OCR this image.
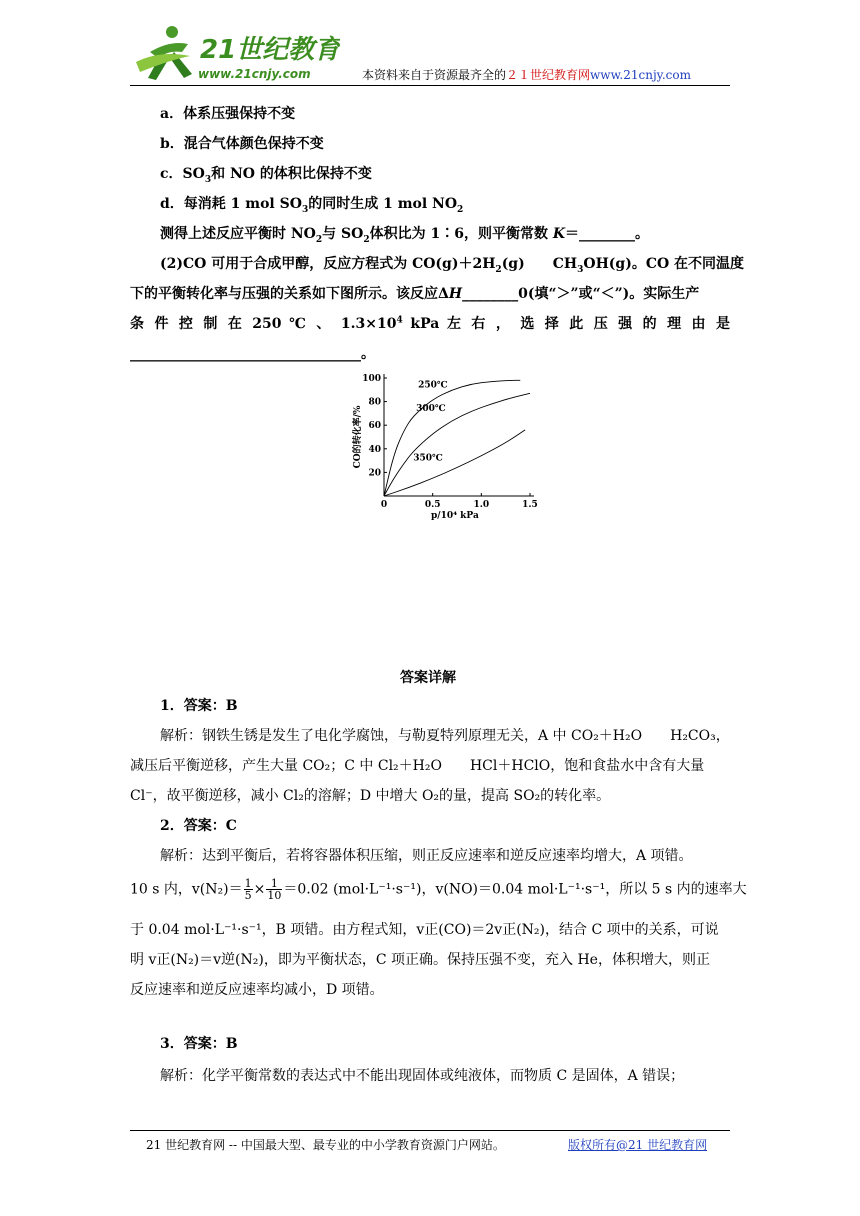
21世纪教育
www.21cnjy.com	本资料来自于资源最齐全的２１世纪教育网www.21cnjy.com
a．体系压强保持不变
b．混合气体颜色保持不变
c．$SO_3$和 NO 的体积比保持不变
d．每消耗 1 mol $SO_3$的同时生成 1 mol $NO_2$
测得上述反应平衡时 $NO_2$与 $SO_2$体积比为 1∶6，则平衡常数 K＝________。
(2)CO 可用于合成甲醇，反应方程式为 $CO(g)+2H_2(g)$　　$CH_3OH(g)$。CO 在不同温度
下的平衡转化率与压强的关系如下图所示。该反应ΔH________0(填“＞”或“＜”)。实际生产
条 件 控 制 在 250 ℃ 、 $1.3\times 10^4$ kPa 左 右 ， 选 择 此 压 强 的 理 由 是
_________________________________。
0	0.5	1.0	1.5
20
40
60
80
100
p/10⁴ kPa
CO的转化率/%
250℃
300℃
350℃
答案详解
1．答案：B
解析：钢铁生锈是发生了电化学腐蚀，与勒夏特列原理无关，A 中 CO₂＋H₂O　　H₂CO₃，
减压后平衡逆移，产生大量 CO₂；C 中 Cl₂＋H₂O　　HCl＋HClO，饱和食盐水中含有大量
Cl⁻，故平衡逆移，减小 Cl₂的溶解；D 中增大 O₂的量，提高 SO₂的转化率。
2．答案：C
解析：达到平衡后，若将容器体积压缩，则正反应速率和逆反应速率均增大，A 项错。
10 s 内，$v(N_2)= \frac{1}{5} \times \frac{1}{10} =0.02$ (mol·L⁻¹·s⁻¹)，v(NO)＝0.04 mol·L⁻¹·s⁻¹，所以 5 s 内的速率大
于 0.04 mol·L⁻¹·s⁻¹，B 项错。由方程式知，v正(CO)＝2v正(N₂)，结合 C 项中的关系，可说
明 v正(N₂)＝v逆(N₂)，即为平衡状态，C 项正确。保持压强不变，充入 He，体积增大，则正
反应速率和逆反应速率均减小，D 项错。
3．答案：B
解析：化学平衡常数的表达式中不能出现固体或纯液体，而物质 C 是固体，A 错误；
21 世纪教育网 -- 中国最大型、最专业的中小学教育资源门户网站。	版权所有@21 世纪教育网
